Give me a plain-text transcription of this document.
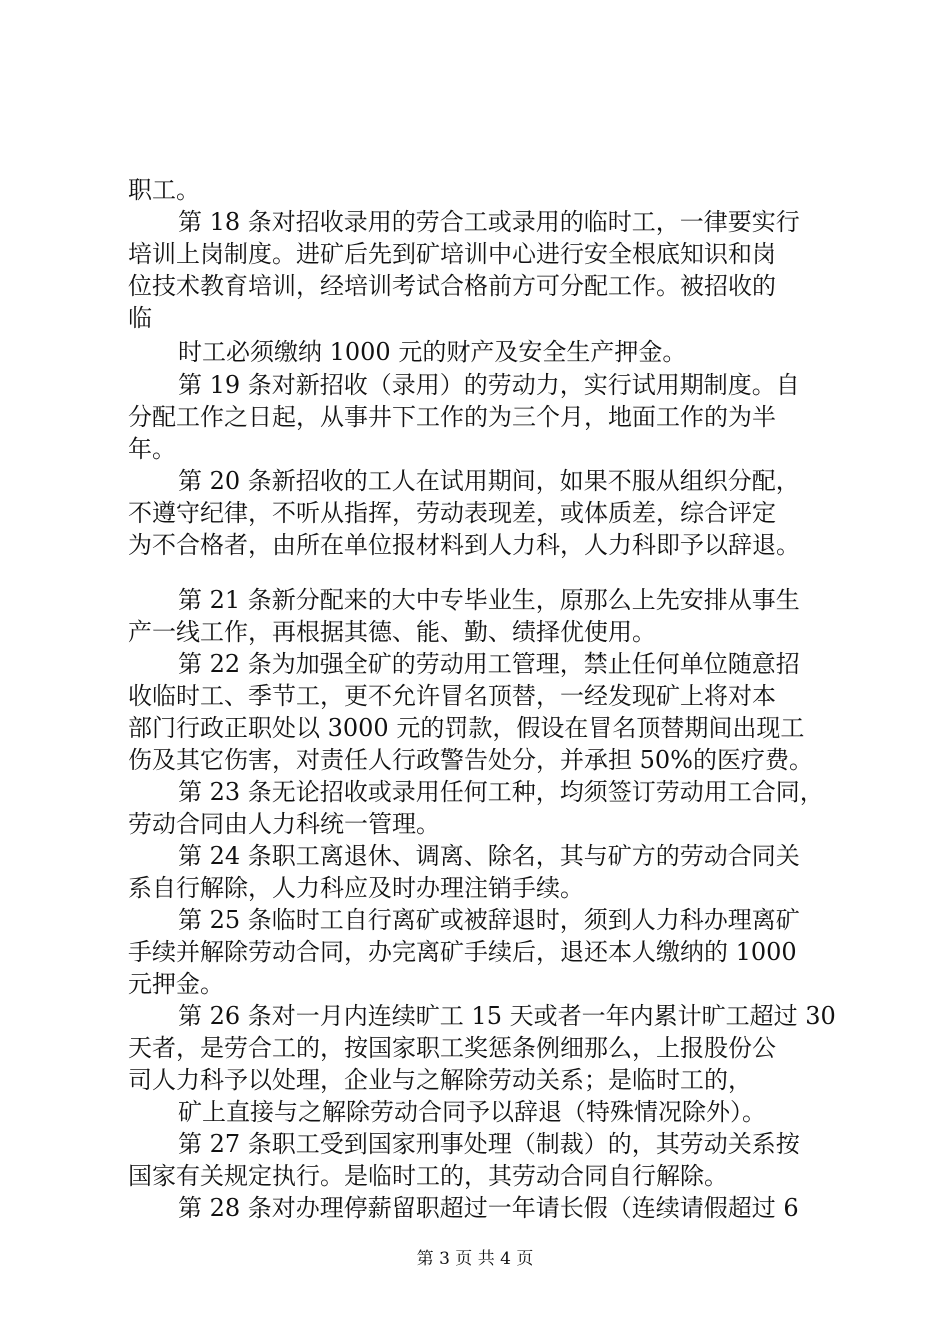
职工。
第 18 条对招收录用的劳合工或录用的临时工，一律要实行
培训上岗制度。进矿后先到矿培训中心进行安全根底知识和岗
位技术教育培训，经培训考试合格前方可分配工作。被招收的
临
时工必须缴纳 1000 元的财产及安全生产押金。
第 19 条对新招收（录用）的劳动力，实行试用期制度。自
分配工作之日起，从事井下工作的为三个月，地面工作的为半
年。
第 20 条新招收的工人在试用期间，如果不服从组织分配，
不遵守纪律，不听从指挥，劳动表现差，或体质差，综合评定
为不合格者，由所在单位报材料到人力科，人力科即予以辞退。
第 21 条新分配来的大中专毕业生，原那么上先安排从事生
产一线工作，再根据其德、能、勤、绩择优使用。
第 22 条为加强全矿的劳动用工管理，禁止任何单位随意招
收临时工、季节工，更不允许冒名顶替，一经发现矿上将对本
部门行政正职处以 3000 元的罚款，假设在冒名顶替期间出现工
伤及其它伤害，对责任人行政警告处分，并承担 50%的医疗费。
第 23 条无论招收或录用任何工种，均须签订劳动用工合同，
劳动合同由人力科统一管理。
第 24 条职工离退休、调离、除名，其与矿方的劳动合同关
系自行解除，人力科应及时办理注销手续。
第 25 条临时工自行离矿或被辞退时，须到人力科办理离矿
手续并解除劳动合同，办完离矿手续后，退还本人缴纳的 1000
元押金。
第 26 条对一月内连续旷工 15 天或者一年内累计旷工超过 30
天者，是劳合工的，按国家职工奖惩条例细那么，上报股份公
司人力科予以处理，企业与之解除劳动关系；是临时工的，
矿上直接与之解除劳动合同予以辞退（特殊情况除外）。
第 27 条职工受到国家刑事处理（制裁）的，其劳动关系按
国家有关规定执行。是临时工的，其劳动合同自行解除。
第 28 条对办理停薪留职超过一年请长假（连续请假超过 6
第 3 页 共 4 页
